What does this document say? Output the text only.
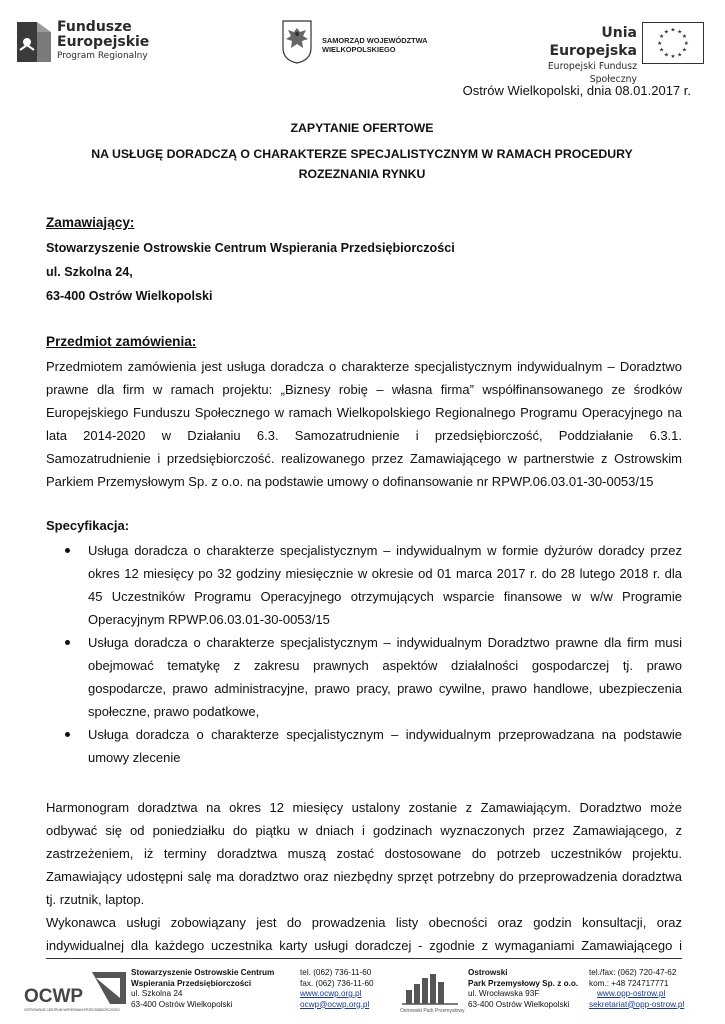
Fundusze
Europejskie
Program Regionalny
SAMORZĄD WOJEWÓDZTWA
WIELKOPOLSKIEGO
Unia Europejska
Europejski Fundusz Społeczny
★ ★
★
★
★
★
★
★
★
★
★
★
Ostrów Wielkopolski, dnia 08.01.2017 r.
ZAPYTANIE OFERTOWE
NA USŁUGĘ DORADCZĄ O CHARAKTERZE SPECJALISTYCZNYM W RAMACH PROCEDURY
ROZEZNANIA RYNKU
Zamawiający:
Stowarzyszenie Ostrowskie Centrum Wspierania Przedsiębiorczości
ul. Szkolna 24,
63-400 Ostrów Wielkopolski
Przedmiot zamówienia:
Przedmiotem zamówienia jest usługa doradcza o charakterze specjalistycznym indywidualnym – Doradztwo
prawne dla firm w ramach projektu: „Biznesy robię – własna firma” współfinansowanego ze środków
Europejskiego Funduszu Społecznego w ramach Wielkopolskiego Regionalnego Programu Operacyjnego na
lata 2014-2020 w Działaniu 6.3. Samozatrudnienie i przedsiębiorczość, Poddziałanie 6.3.1.
Samozatrudnienie i przedsiębiorczość. realizowanego przez Zamawiającego w partnerstwie z Ostrowskim
Parkiem Przemysłowym Sp. z o.o. na podstawie umowy o dofinansowanie nr RPWP.06.03.01-30-0053/15
Specyfikacja:
Usługa doradcza o charakterze specjalistycznym – indywidualnym w formie dyżurów doradcy przez
okres 12 miesięcy po 32 godziny miesięcznie w okresie od 01 marca 2017 r. do 28 lutego 2018 r. dla
45 Uczestników Programu Operacyjnego otrzymujących wsparcie finansowe w w/w Programie
Operacyjnym RPWP.06.03.01-30-0053/15
Usługa doradcza o charakterze specjalistycznym – indywidualnym Doradztwo prawne dla firm musi
obejmować tematykę z zakresu prawnych aspektów działalności gospodarczej tj. prawo
gospodarcze, prawo administracyjne, prawo pracy, prawo cywilne, prawo handlowe, ubezpieczenia
społeczne, prawo podatkowe,
Usługa doradcza o charakterze specjalistycznym – indywidualnym przeprowadzana na podstawie
umowy zlecenie
Harmonogram doradztwa na okres 12 miesięcy ustalony zostanie z Zamawiającym. Doradztwo może
odbywać się od poniedziałku do piątku w dniach i godzinach wyznaczonych przez Zamawiającego, z
zastrzeżeniem, iż terminy doradztwa muszą zostać dostosowane do potrzeb uczestników projektu.
Zamawiający udostępni salę ma doradztwo oraz niezbędny sprzęt potrzebny do przeprowadzenia doradztwa
tj. rzutnik, laptop.
Wykonawca usługi zobowiązany jest do prowadzenia listy obecności oraz godzin konsultacji, oraz
indywidualnej dla każdego uczestnika karty usługi doradczej - zgodnie z wymaganiami Zamawiającego i
OCWP
OSTROWSKIE CENTRUM WSPIERANIA PRZEDSIĘBIORCZOŚCI
Stowarzyszenie Ostrowskie Centrum
Wspierania Przedsiębiorczości
ul. Szkolna 24
63-400 Ostrów Wielkopolski
tel. (062) 736-11-60
fax. (062) 736-11-60
www.ocwp.org.pl
ocwp@ocwp.org.pl
Ostrowski Park Przemysłowy
Ostrowski
Park Przemysłowy Sp. z o.o.
ul. Wrocławska 93F
63-400 Ostrów Wielkopolski
tel./fax: (062) 720-47-62
kom.: +48 724717771
www.opp-ostrow.pl
sekretariat@opp-ostrow.pl
